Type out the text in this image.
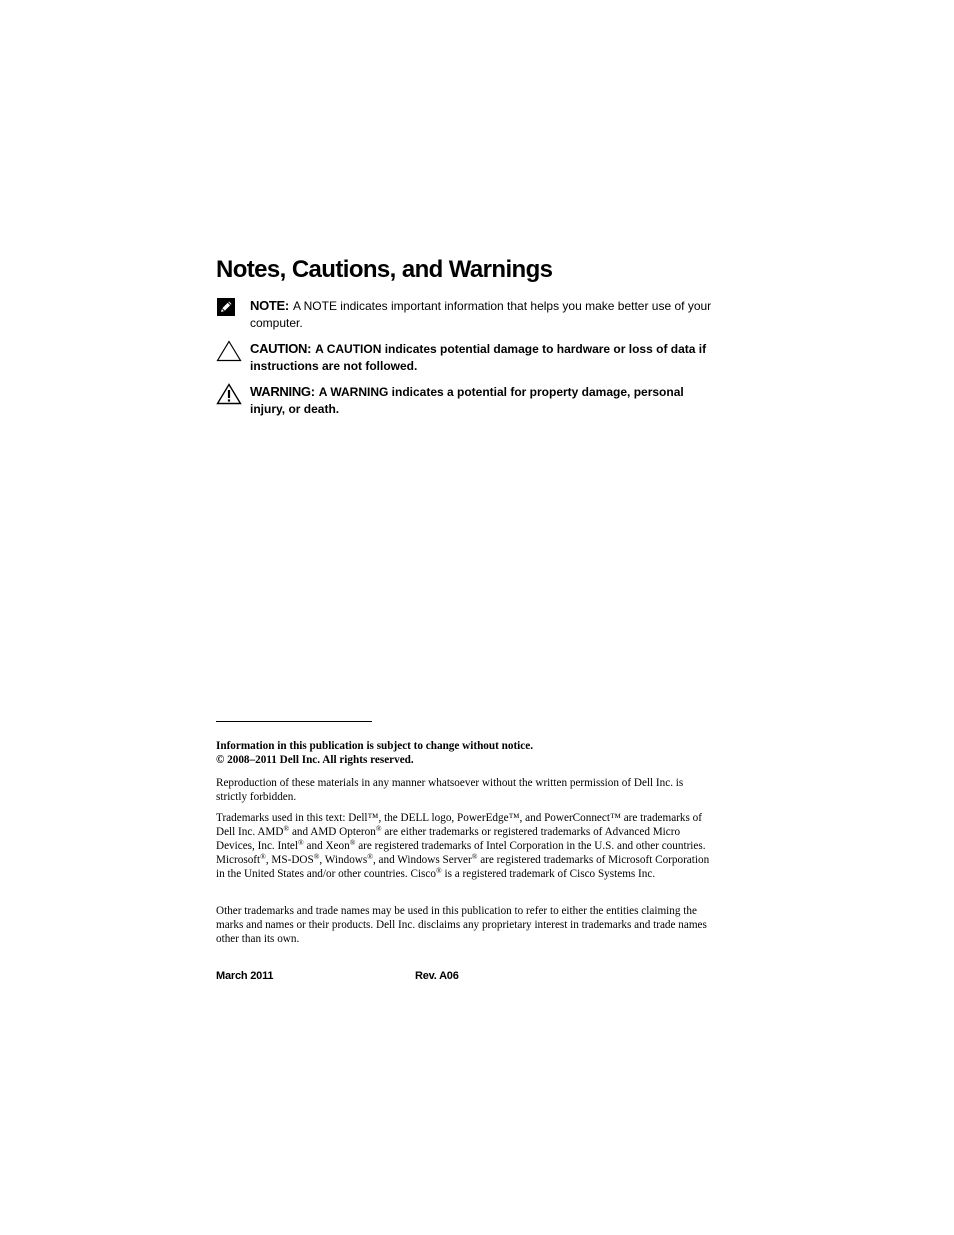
Notes, Cautions, and Warnings
NOTE: A NOTE indicates important information that helps you make better use of your computer.
CAUTION: A CAUTION indicates potential damage to hardware or loss of data if instructions are not followed.
WARNING: A WARNING indicates a potential for property damage, personal injury, or death.

Information in this publication is subject to change without notice.
© 2008–2011 Dell Inc. All rights reserved.

Reproduction of these materials in any manner whatsoever without the written permission of Dell Inc. is strictly forbidden.

Trademarks used in this text: Dell™, the DELL logo, PowerEdge™, and PowerConnect™ are trademarks of Dell Inc. AMD® and AMD Opteron® are either trademarks or registered trademarks of Advanced Micro Devices, Inc. Intel® and Xeon® are registered trademarks of Intel Corporation in the U.S. and other countries. Microsoft®, MS-DOS®, Windows®, and Windows Server® are registered trademarks of Microsoft Corporation in the United States and/or other countries. Cisco® is a registered trademark of Cisco Systems Inc.

Other trademarks and trade names may be used in this publication to refer to either the entities claiming the marks and names or their products. Dell Inc. disclaims any proprietary interest in trademarks and trade names other than its own.

March 2011	Rev. A06
